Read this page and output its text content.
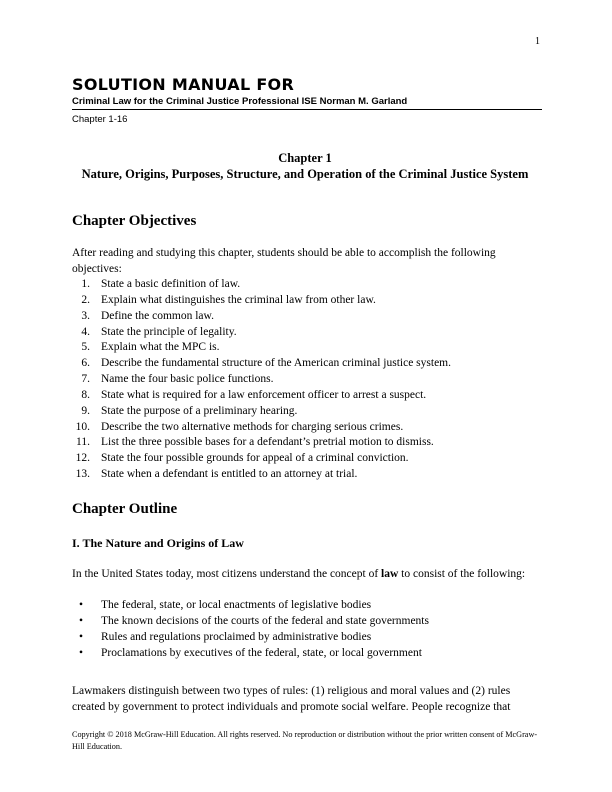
1
SOLUTION MANUAL FOR
Criminal Law for the Criminal Justice Professional ISE Norman M. Garland
Chapter 1-16
Chapter 1
Nature, Origins, Purposes, Structure, and Operation of the Criminal Justice System
Chapter Objectives
After reading and studying this chapter, students should be able to accomplish the following objectives:
1. State a basic definition of law.
2. Explain what distinguishes the criminal law from other law.
3. Define the common law.
4. State the principle of legality.
5. Explain what the MPC is.
6. Describe the fundamental structure of the American criminal justice system.
7. Name the four basic police functions.
8. State what is required for a law enforcement officer to arrest a suspect.
9. State the purpose of a preliminary hearing.
10. Describe the two alternative methods for charging serious crimes.
11. List the three possible bases for a defendant’s pretrial motion to dismiss.
12. State the four possible grounds for appeal of a criminal conviction.
13. State when a defendant is entitled to an attorney at trial.
Chapter Outline
I. The Nature and Origins of Law
In the United States today, most citizens understand the concept of law to consist of the following:
• The federal, state, or local enactments of legislative bodies
• The known decisions of the courts of the federal and state governments
• Rules and regulations proclaimed by administrative bodies
• Proclamations by executives of the federal, state, or local government
Lawmakers distinguish between two types of rules: (1) religious and moral values and (2) rules created by government to protect individuals and promote social welfare. People recognize that
Copyright © 2018 McGraw-Hill Education. All rights reserved. No reproduction or distribution without the prior written consent of McGraw-Hill Education.
